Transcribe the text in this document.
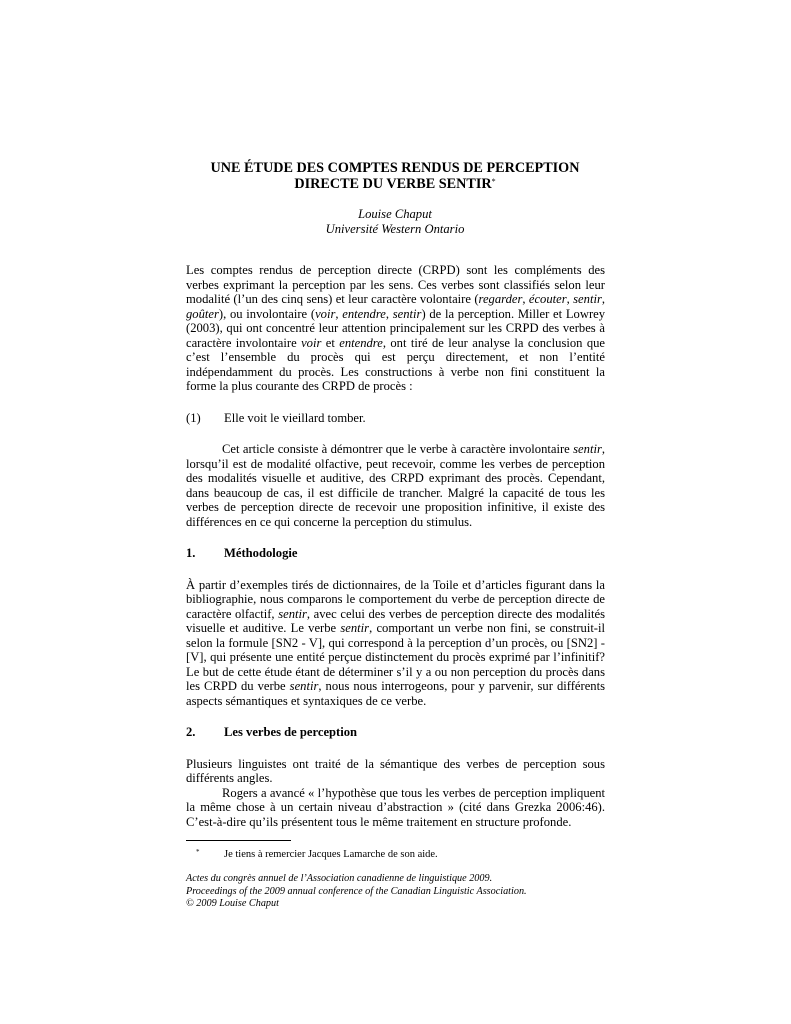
UNE ÉTUDE DES COMPTES RENDUS DE PERCEPTION
DIRECTE DU VERBE SENTIR*
Louise Chaput
Université Western Ontario

Les comptes rendus de perception directe (CRPD) sont les compléments des verbes exprimant la perception par les sens. Ces verbes sont classifiés selon leur modalité (l’un des cinq sens) et leur caractère volontaire (regarder, écouter, sentir, goûter), ou involontaire (voir, entendre, sentir) de la perception. Miller et Lowrey (2003), qui ont concentré leur attention principalement sur les CRPD des verbes à caractère involontaire voir et entendre, ont tiré de leur analyse la conclusion que c’est l’ensemble du procès qui est perçu directement, et non l’entité indépendamment du procès. Les constructions à verbe non fini constituent la forme la plus courante des CRPD de procès :

(1)	Elle voit le vieillard tomber.

Cet article consiste à démontrer que le verbe à caractère involontaire sentir, lorsqu’il est de modalité olfactive, peut recevoir, comme les verbes de perception des modalités visuelle et auditive, des CRPD exprimant des procès. Cependant, dans beaucoup de cas, il est difficile de trancher. Malgré la capacité de tous les verbes de perception directe de recevoir une proposition infinitive, il existe des différences en ce qui concerne la perception du stimulus.

1.	Méthodologie

À partir d’exemples tirés de dictionnaires, de la Toile et d’articles figurant dans la bibliographie, nous comparons le comportement du verbe de perception directe de caractère olfactif, sentir, avec celui des verbes de perception directe des modalités visuelle et auditive. Le verbe sentir, comportant un verbe non fini, se construit-il selon la formule [SN2 - V], qui correspond à la perception d’un procès, ou [SN2] - [V], qui présente une entité perçue distinctement du procès exprimé par l’infinitif? Le but de cette étude étant de déterminer s’il y a ou non perception du procès dans les CRPD du verbe sentir, nous nous interrogeons, pour y parvenir, sur différents aspects sémantiques et syntaxiques de ce verbe.

2.	Les verbes de perception

Plusieurs linguistes ont traité de la sémantique des verbes de perception sous différents angles.

Rogers a avancé « l’hypothèse que tous les verbes de perception impliquent la même chose à un certain niveau d’abstraction » (cité dans Grezka 2006:46). C’est-à-dire qu’ils présentent tous le même traitement en structure profonde.

*	Je tiens à remercier Jacques Lamarche de son aide.
Actes du congrès annuel de l’Association canadienne de linguistique 2009.
Proceedings of the 2009 annual conference of the Canadian Linguistic Association.
© 2009 Louise Chaput
